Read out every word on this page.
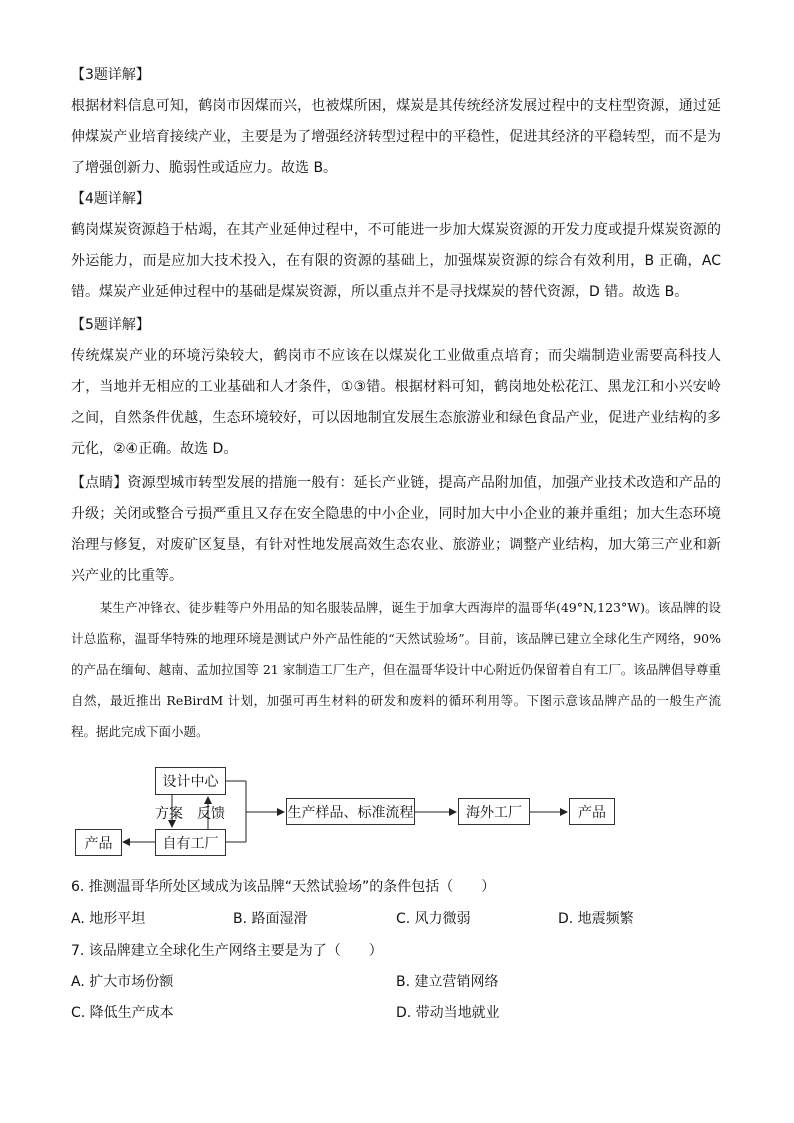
【3题详解】

根据材料信息可知，鹤岗市因煤而兴，也被煤所困，煤炭是其传统经济发展过程中的支柱型资源，通过延伸煤炭产业培育接续产业，主要是为了增强经济转型过程中的平稳性，促进其经济的平稳转型，而不是为了增强创新力、脆弱性或适应力。故选 B。

【4题详解】

鹤岗煤炭资源趋于枯竭，在其产业延伸过程中，不可能进一步加大煤炭资源的开发力度或提升煤炭资源的外运能力，而是应加大技术投入，在有限的资源的基础上，加强煤炭资源的综合有效利用，B 正确，AC 错。煤炭产业延伸过程中的基础是煤炭资源，所以重点并不是寻找煤炭的替代资源，D 错。故选 B。

【5题详解】

传统煤炭产业的环境污染较大，鹤岗市不应该在以煤炭化工业做重点培育；而尖端制造业需要高科技人才，当地并无相应的工业基础和人才条件，①③错。根据材料可知，鹤岗地处松花江、黑龙江和小兴安岭之间，自然条件优越，生态环境较好，可以因地制宜发展生态旅游业和绿色食品产业，促进产业结构的多元化，②④正确。故选 D。

【点睛】资源型城市转型发展的措施一般有：延长产业链，提高产品附加值，加强产业技术改造和产品的升级；关闭或整合亏损严重且又存在安全隐患的中小企业，同时加大中小企业的兼并重组；加大生态环境治理与修复，对废矿区复垦，有针对性地发展高效生态农业、旅游业；调整产业结构，加大第三产业和新兴产业的比重等。

某生产冲锋衣、徒步鞋等户外用品的知名服装品牌，诞生于加拿大西海岸的温哥华(49°N,123°W)。该品牌的设计总监称，温哥华特殊的地理环境是测试户外产品性能的“天然试验场”。目前，该品牌已建立全球化生产网络，90%的产品在缅甸、越南、孟加拉国等 21 家制造工厂生产，但在温哥华设计中心附近仍保留着自有工厂。该品牌倡导尊重自然，最近推出 ReBirdM 计划，加强可再生材料的研发和废料的循环利用等。下图示意该品牌产品的一般生产流程。据此完成下面小题。

设计中心
自有工厂
产品
方案 反馈	生产样品、标准流程	海外工厂	产品
6. 推测温哥华所处区域成为该品牌“天然试验场”的条件包括（　　）
A. 地形平坦	B. 路面湿滑	C. 风力微弱	D. 地震频繁
7. 该品牌建立全球化生产网络主要是为了（　　）
A. 扩大市场份额	B. 建立营销网络
C. 降低生产成本	D. 带动当地就业
